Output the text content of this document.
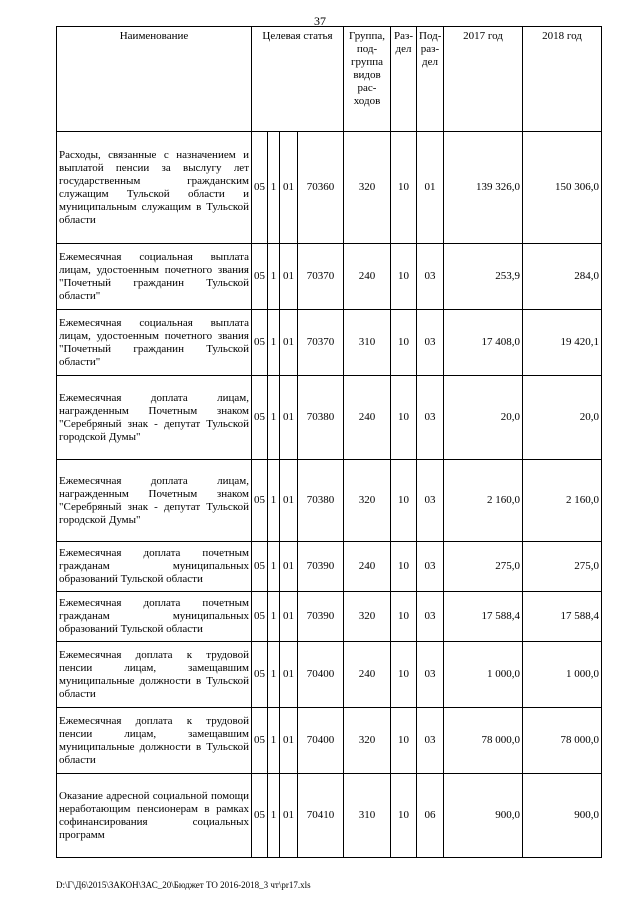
37
Наименование	Целевая статья				Группа, под-группа видов рас-ходов	Раз-дел	Под-раз-дел	2017 год	2018 год
Расходы, связанные с назначением и выплатой пенсии за выслугу лет государственным гражданским служащим Тульской области и муниципальным служащим в Тульской области	05	1	01	70360	320	10	01	139 326,0	150 306,0
Ежемесячная социальная выплата лицам, удостоенным почетного звания "Почетный гражданин Тульской области"	05	1	01	70370	240	10	03	253,9	284,0
Ежемесячная социальная выплата лицам, удостоенным почетного звания "Почетный гражданин Тульской области"	05	1	01	70370	310	10	03	17 408,0	19 420,1
Ежемесячная доплата лицам, награжденным Почетным знаком "Серебряный знак - депутат Тульской городской Думы"	05	1	01	70380	240	10	03	20,0	20,0
Ежемесячная доплата лицам, награжденным Почетным знаком "Серебряный знак - депутат Тульской городской Думы"	05	1	01	70380	320	10	03	2 160,0	2 160,0
Ежемесячная доплата почетным гражданам муниципальных образований Тульской области	05	1	01	70390	240	10	03	275,0	275,0
Ежемесячная доплата почетным гражданам муниципальных образований Тульской области	05	1	01	70390	320	10	03	17 588,4	17 588,4
Ежемесячная доплата к трудовой пенсии лицам, замещавшим муниципальные должности в Тульской области	05	1	01	70400	240	10	03	1 000,0	1 000,0
Ежемесячная доплата к трудовой пенсии лицам, замещавшим муниципальные должности в Тульской области	05	1	01	70400	320	10	03	78 000,0	78 000,0
Оказание адресной социальной помощи неработающим пенсионерам в рамках софинансирования социальных программ	05	1	01	70410	310	10	06	900,0	900,0
D:\Г\Д6\2015\ЗАКОН\ЗАС_20\Бюджет ТО 2016-2018_3 чт\pr17.xls
